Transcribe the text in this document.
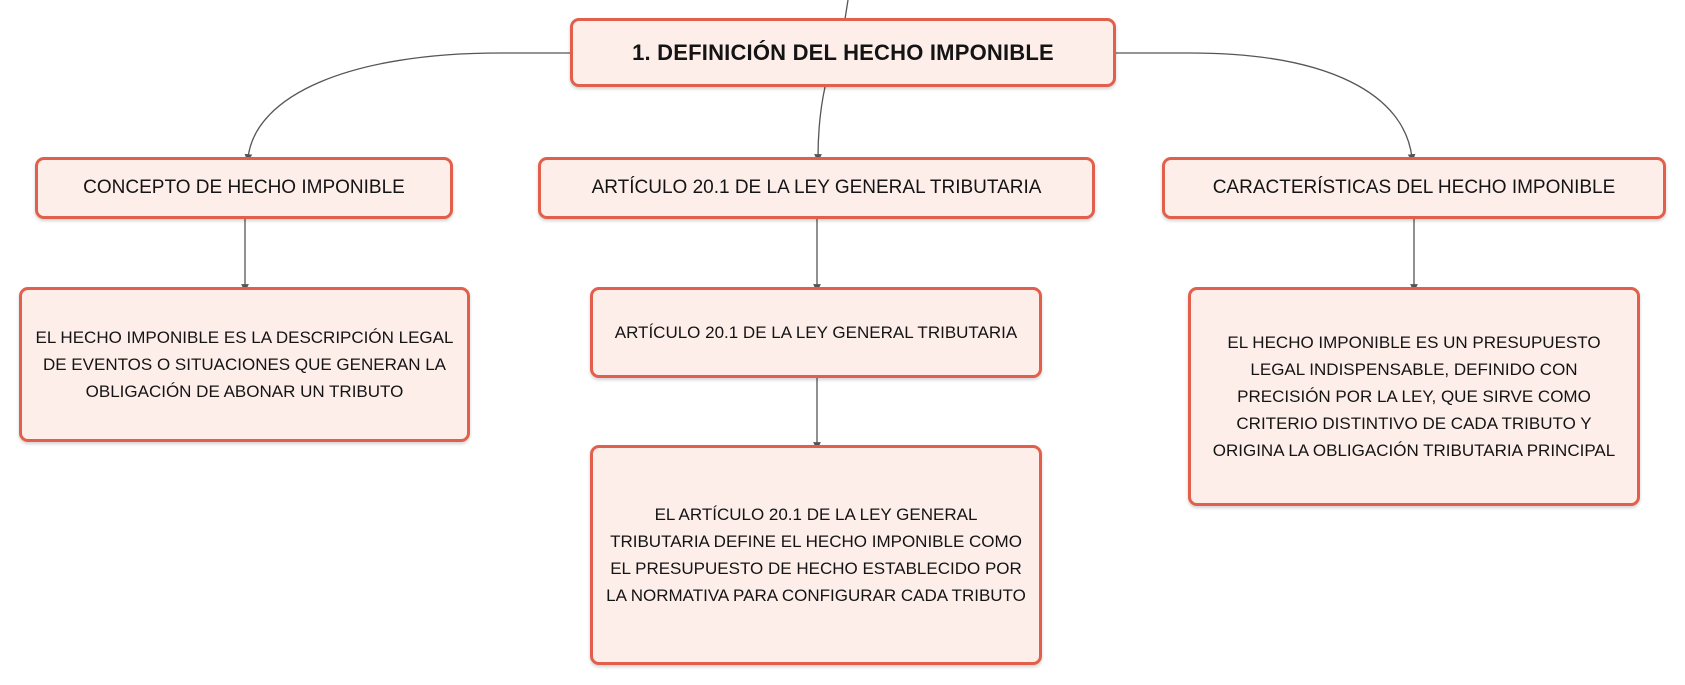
1. DEFINICIÓN DEL HECHO IMPONIBLE
CONCEPTO DE HECHO IMPONIBLE	ARTÍCULO 20.1 DE LA LEY GENERAL TRIBUTARIA	CARACTERÍSTICAS DEL HECHO IMPONIBLE
EL HECHO IMPONIBLE ES LA DESCRIPCIÓN LEGAL DE EVENTOS O SITUACIONES QUE GENERAN LA OBLIGACIÓN DE ABONAR UN TRIBUTO
ARTÍCULO 20.1 DE LA LEY GENERAL TRIBUTARIA
EL ARTÍCULO 20.1 DE LA LEY GENERAL TRIBUTARIA DEFINE EL HECHO IMPONIBLE COMO EL PRESUPUESTO DE HECHO ESTABLECIDO POR LA NORMATIVA PARA CONFIGURAR CADA TRIBUTO
EL HECHO IMPONIBLE ES UN PRESUPUESTO LEGAL INDISPENSABLE, DEFINIDO CON PRECISIÓN POR LA LEY, QUE SIRVE COMO CRITERIO DISTINTIVO DE CADA TRIBUTO Y ORIGINA LA OBLIGACIÓN TRIBUTARIA PRINCIPAL
